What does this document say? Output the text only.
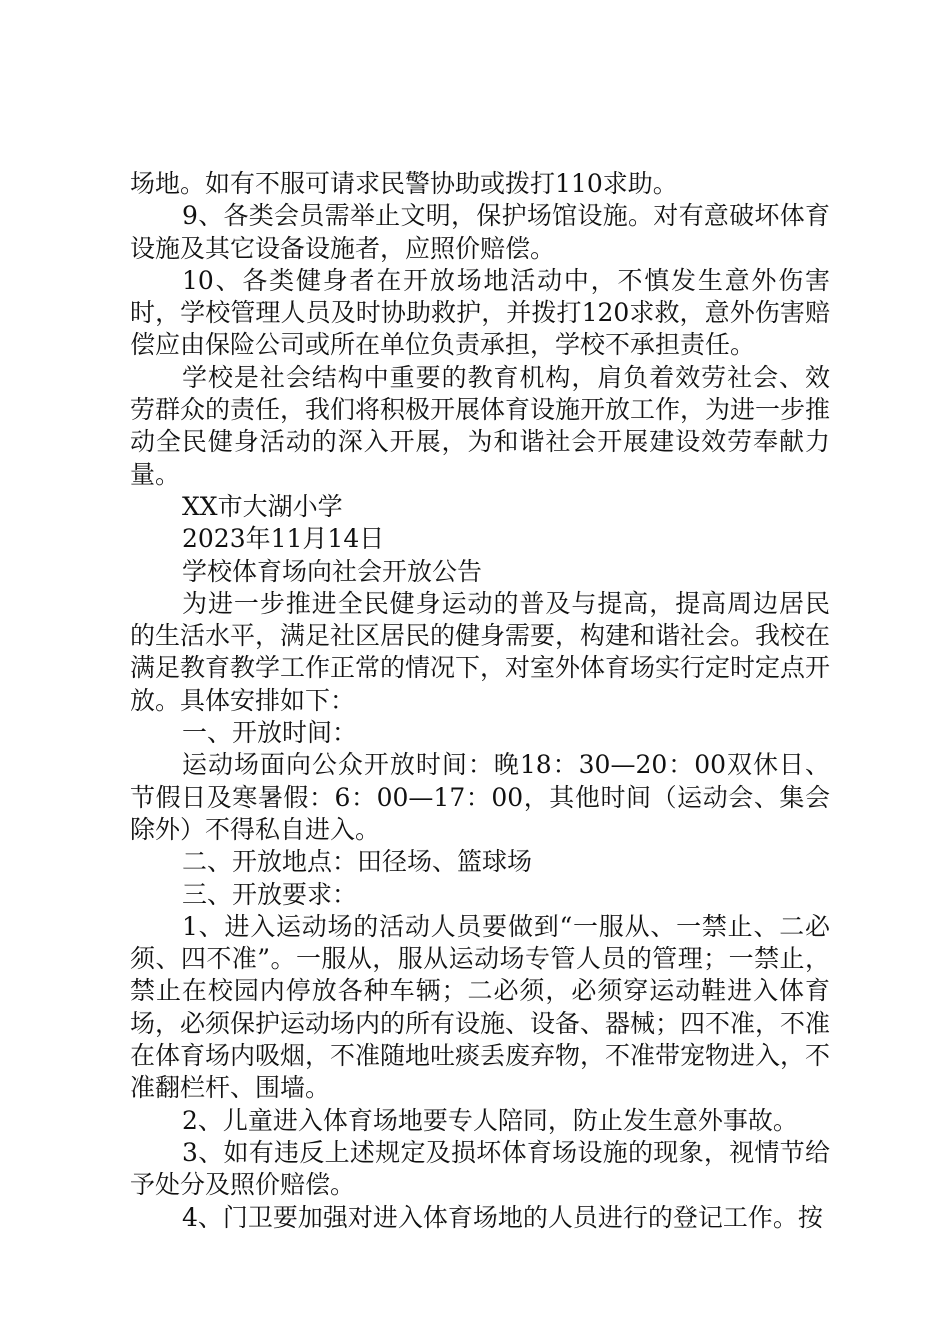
场地。如有不服可请求民警协助或拨打110求助。

9、各类会员需举止文明，保护场馆设施。对有意破坏体育设施及其它设备设施者，应照价赔偿。

10、各类健身者在开放场地活动中，不慎发生意外伤害时，学校管理人员及时协助救护，并拨打120求救，意外伤害赔偿应由保险公司或所在单位负责承担，学校不承担责任。

学校是社会结构中重要的教育机构，肩负着效劳社会、效劳群众的责任，我们将积极开展体育设施开放工作，为进一步推动全民健身活动的深入开展，为和谐社会开展建设效劳奉献力量。

XX市大湖小学

2023年11月14日

学校体育场向社会开放公告

为进一步推进全民健身运动的普及与提高，提高周边居民的生活水平，满足社区居民的健身需要，构建和谐社会。我校在满足教育教学工作正常的情况下，对室外体育场实行定时定点开放。具体安排如下：

一、开放时间：

运动场面向公众开放时间：晚18：30—20：00双休日、节假日及寒暑假：6：00—17：00，其他时间（运动会、集会除外）不得私自进入。

二、开放地点：田径场、篮球场

三、开放要求：

1、进入运动场的活动人员要做到“一服从、一禁止、二必须、四不准”。一服从，服从运动场专管人员的管理；一禁止，禁止在校园内停放各种车辆；二必须，必须穿运动鞋进入体育场，必须保护运动场内的所有设施、设备、器械；四不准，不准在体育场内吸烟，不准随地吐痰丢废弃物，不准带宠物进入，不准翻栏杆、围墙。

2、儿童进入体育场地要专人陪同，防止发生意外事故。

3、如有违反上述规定及损坏体育场设施的现象，视情节给予处分及照价赔偿。

4、门卫要加强对进入体育场地的人员进行的登记工作。按
